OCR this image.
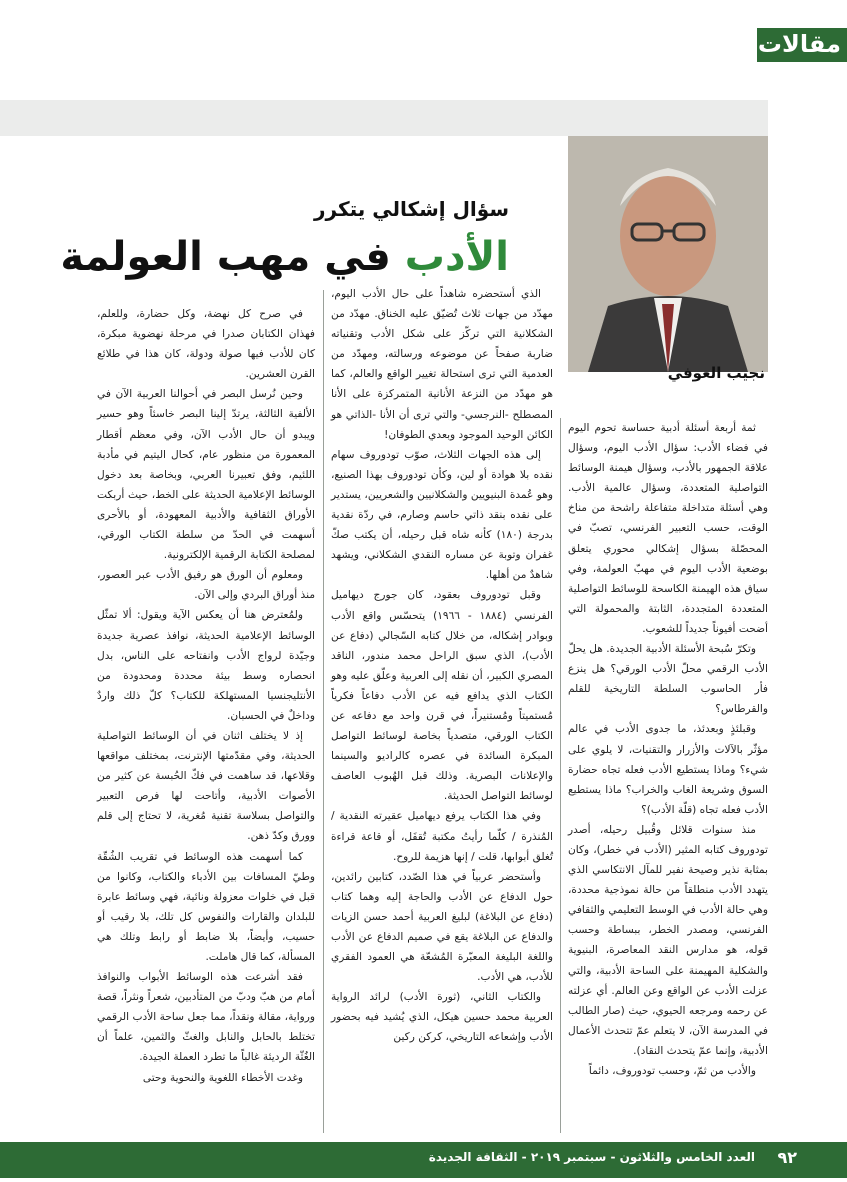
مقالات
نجيب العوفي
سؤال إشكالي يتكرر
الأدب في مهب العولمة

ثمة أربعة أسئلة أدبية حساسة تحوم اليوم في فضاء الأدب: سؤال الأدب اليوم، وسؤال علاقة الجمهور بالأدب، وسؤال هيمنة الوسائط التواصلية المتعددة، وسؤال عالمية الأدب. وهي أسئلة متداخلة متفاعلة راشحة من مناخ الوقت، حسب التعبير الفرنسي، تصبّ في المحصّلة بسؤال إشكالي محوري يتعلق بوضعية الأدب اليوم في مهبّ العولمة، وفي سياق هذه الهيمنة الكاسحة للوسائط التواصلية المتعددة المتجددة، الثابتة والمحمولة التي أضحت أفيوناً جديداً للشعوب.

وتكرّ سُبحة الأسئلة الأدبية الجديدة. هل يحلّ الأدب الرقمي محلّ الأدب الورقي؟ هل ينزع فأر الحاسوب السلطة التاريخية للقلم والقرطاس؟

وقبلئذٍ وبعدئذ، ما جدوى الأدب في عالم مؤثّر بالآلات والأزرار والتقنيات، لا يلوي على شيء؟ وماذا يستطيع الأدب فعله تجاه حضارة السوق وشريعة الغاب والخراب؟ ماذا يستطيع الأدب فعله تجاه (قلّة الأدب)؟

منذ سنوات قلائل وقُبيل رحيله، أصدر تودوروف كتابه المثير (الأدب في خطر)، وكان بمثابة نذير وصيحة نفير للمآل الانتكاسي الذي يتهدد الأدب منطلقاً من حالة نموذجية محددة، وهي حالة الأدب في الوسط التعليمي والثقافي الفرنسي، ومصدر الخطر، ببساطة وحسب قوله، هو مدارس النقد المعاصرة، البنيوية والشكلية المهيمنة على الساحة الأدبية، والتي عزلت الأدب عن الواقع وعن العالم. أي عزلته عن رحمه ومرجعه الحيوي، حيث (صار الطالب في المدرسة الآن، لا يتعلم عمّ تتحدث الأعمال الأدبية، وإنما عمّ يتحدث النقاد).

والأدب من ثمّ، وحسب تودوروف، دائماً

الذي أستحضره شاهداً على حال الأدب اليوم، مهدّد من جهات ثلاث تُضيّق عليه الخناق. مهدّد من الشكلانية التي تركّز على شكل الأدب وتقنياته ضاربة صفحاً عن موضوعه ورسالته، ومهدّد من العدمية التي ترى استحالة تغيير الواقع والعالم، كما هو مهدّد من النزعة الأنانية المتمركزة على الأنا المصطلح -النرجسي- والتي ترى أن الأنا -الذاتي هو الكائن الوحيد الموجود وبعدي الطوفان!

إلى هذه الجهات الثلاث، صوّب تودوروف سهام نقده بلا هوادة أو لين، وكأن تودوروف بهذا الصنيع، وهو عُمدة البنيويين والشكلانيين والشعريين، يستدير على نقده بنقد ذاتي حاسم وصارم، في ردّة نقدية بدرجة (١٨٠) كأنه شاه قبل رحيله، أن يكتب صكّ غفران وتوبة عن مساره النقدي الشكلاني، ويشهد شاهدٌ من أهلها.

وقبل تودوروف بعقود، كان جورج ديهاميل الفرنسي (١٨٨٤ - ١٩٦٦) يتحسّس واقع الأدب وبوادر إشكاله، من خلال كتابه السّجالي (دفاع عن الأدب)، الذي سبق الراحل محمد مندور، الناقد المصري الكبير، أن نقله إلى العربية وعلّق عليه وهو الكتاب الذي يدافع فيه عن الأدب دفاعاً فكرياً مُستميتاً ومُستنيراً، في قرن واحد مع دفاعه عن الكتاب الورقي، متصدياً بخاصة لوسائط التواصل المبكرة السائدة في عصره كالراديو والسينما والإعلانات البصرية. وذلك قبل الهُبوب العاصف لوسائط التواصل الحديثة.

وفي هذا الكتاب يرفع ديهاميل عقيرته النقدية / المُنذرة / كلّما رأيتُ مكتبة تُقفَل، أو قاعة قراءة تُغلق أبوابها، قلت / إنها هزيمة للروح.

وأستحضر عربياً في هذا الصّدد، كتابين رائدين، حول الدفاع عن الأدب والحاجة إليه وهما كتاب (دفاع عن البلاغة) لبليغ العربية أحمد حسن الزيات والدفاع عن البلاغة يقع في صميم الدفاع عن الأدب واللغة البليغة المعبّرة المُشعّة هي العمود الفقري للأدب، هي الأدب.

والكتاب الثاني، (ثورة الأدب) لرائد الرواية العربية محمد حسين هيكل، الذي يُشيد فيه بحضور الأدب وإشعاعه التاريخي، كركن ركين

في صرح كل نهضة، وكل حضارة، وللعلم، فهذان الكتابان صدرا في مرحلة نهضوية مبكرة، كان للأدب فيها صولة ودولة، كان هذا في طلائع القرن العشرين.

وحين نُرسل البصر في أحوالنا العربية الآن في الألفية الثالثة، يرتدّ إلينا البصر خاسئاً وهو حسير ويبدو أن حال الأدب الآن، وفي معظم أقطار المعمورة من منظور عام، كحال اليتيم في مأدبة اللئيم، وفق تعبيرنا العربي، وبخاصة بعد دخول الوسائط الإعلامية الحديثة على الخط، حيث أربكت الأوراق الثقافية والأدبية المعهودة، أو بالأحرى أسهمت في الحدّ من سلطة الكتاب الورقي، لمصلحة الكتابة الرقمية الإلكترونية.

ومعلوم أن الورق هو رفيق الأدب عبر العصور، منذ أوراق البردي وإلى الآن.

ولمُعترض هنا أن يعكس الآية ويقول: ألا تمثّل الوسائط الإعلامية الحديثة، نوافذ عصرية جديدة وجيّدة لرواج الأدب وانفتاحه على الناس، بدل انحصاره وسط بيئة محددة ومحدودة من الأنتليجنسيا المستهلكة للكتاب؟ كلّ ذلك واردٌ وداخلٌ في الحسبان.

إذ لا يختلف اثنان في أن الوسائط التواصلية الحديثة، وفي مقدّمتها الإنترنت، بمختلف مواقعها وقلاعها، قد ساهمت في فكّ الحُبسة عن كثير من الأصوات الأدبية، وأتاحت لها فرص التعبير والتواصل بسلاسة تقنية مُغرية، لا تحتاج إلى قلم وورق وكدّ ذهن.

كما أسهمت هذه الوسائط في تقريب الشُقّة وطيّ المسافات بين الأدباء والكتاب، وكانوا من قبل في خلوات معزولة ونائية، فهي وسائط عابرة للبلدان والقارات والنفوس كل تلك، بلا رقيب أو حسيب، وأيضاً، بلا ضابط أو رابط وتلك هي المسألة، كما قال هاملت.

فقد أشرعت هذه الوسائط الأبواب والنوافذ أمام من هبّ ودبّ من المتأدبين، شعراً ونثراً، قصة ورواية، مقالة ونقداً، مما جعل ساحة الأدب الرقمي تختلط بالحابل والنابل والغثّ والثمين، علماً أن الغُثّة الرديئة غالباً ما تطرد العملة الجيدة.

وغدت الأخطاء اللغوية والنحوية وحتى

العدد الخامس والثلاثون - سبتمبر ٢٠١٩ - الثقافة الجديدة ٩٢
